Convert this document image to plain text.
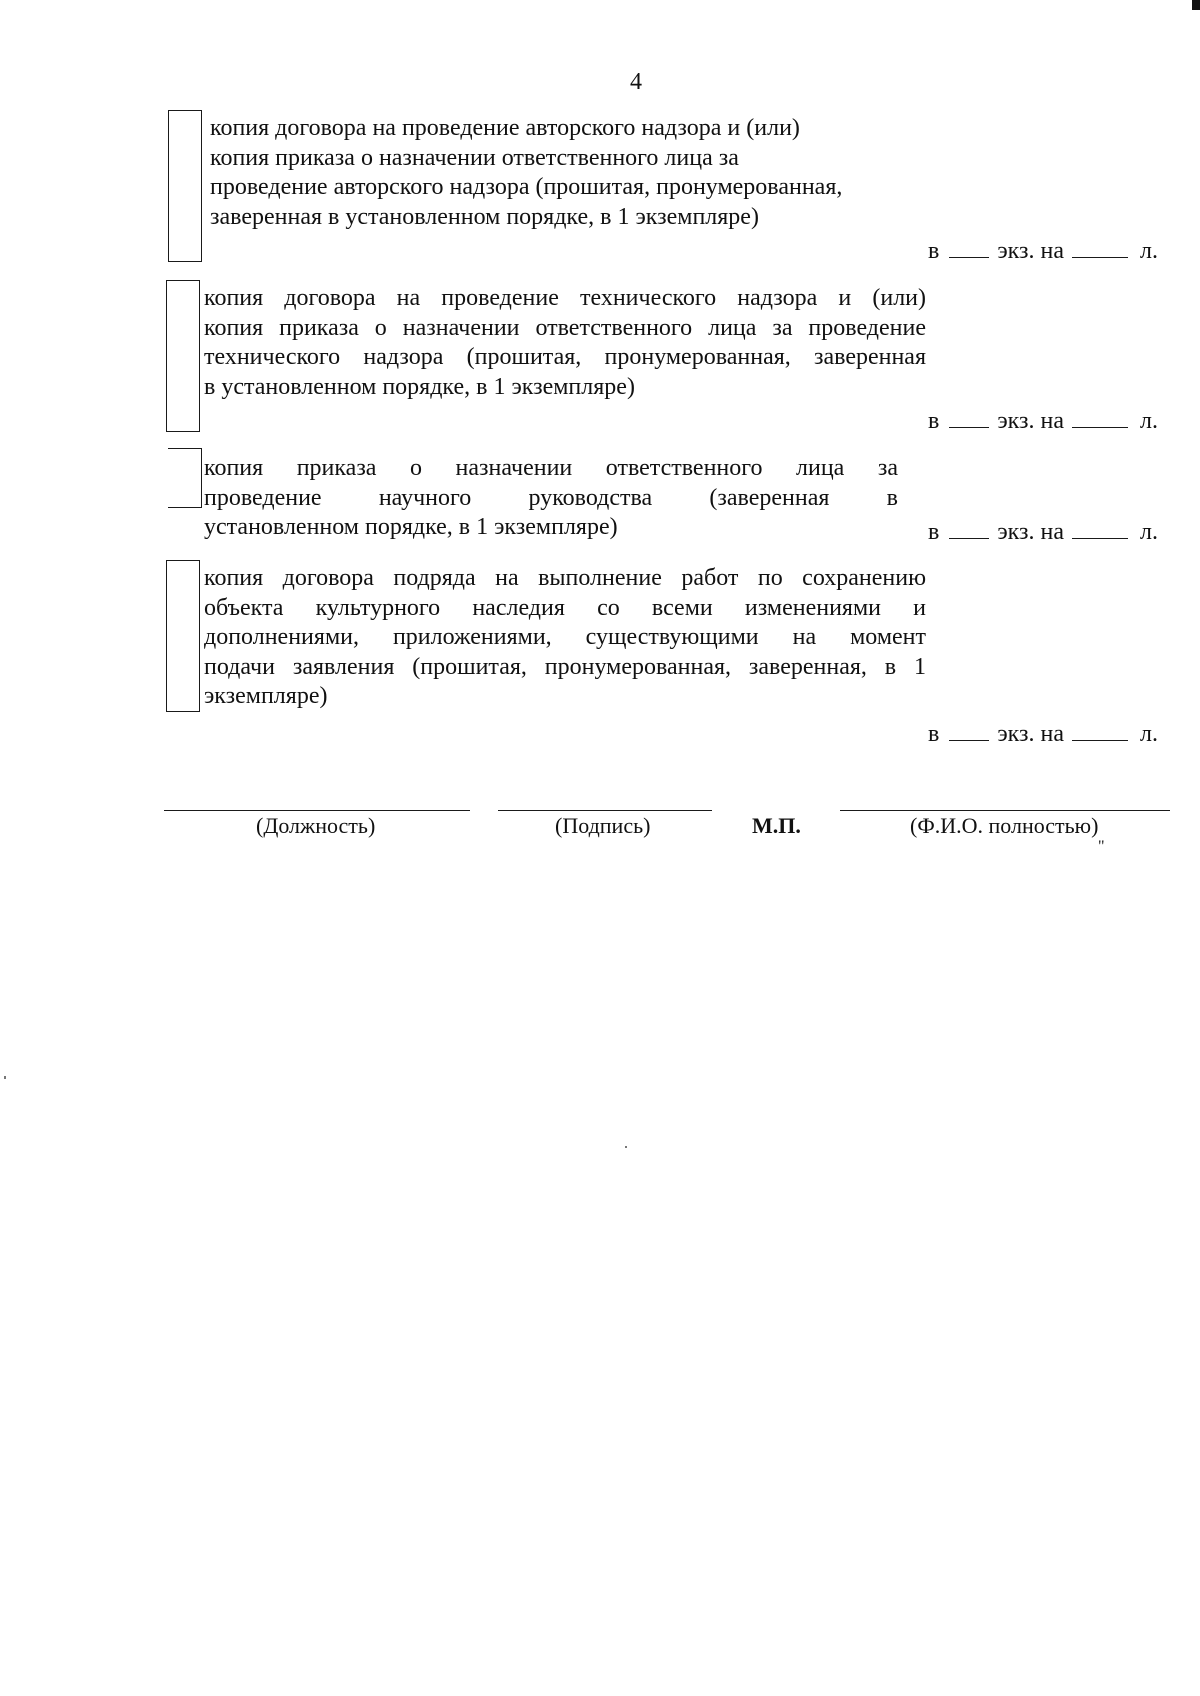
4
копия договора на проведение авторского надзора и (или)
копия приказа о назначении ответственного лица за
проведение авторского надзора (прошитая, пронумерованная,
заверенная в установленном порядке, в 1 экземпляре)
в экз. на	л.
копия договора на проведение технического надзора и (или)
копия приказа о назначении ответственного лица за проведение
технического надзора (прошитая, пронумерованная, заверенная
в установленном порядке, в 1 экземпляре)
в экз. на	л.
копия приказа о назначении ответственного лица за
проведение научного руководства (заверенная в
установленном порядке, в 1 экземпляре)	в экз. на	л.
копия договора подряда на выполнение работ по сохранению
объекта культурного наследия со всеми изменениями и
дополнениями, приложениями, существующими на момент
подачи заявления (прошитая, пронумерованная, заверенная, в 1
экземпляре)
в экз. на	л.
(Должность)	(Подпись)	М.П.	(Ф.И.О. полностью)
"
